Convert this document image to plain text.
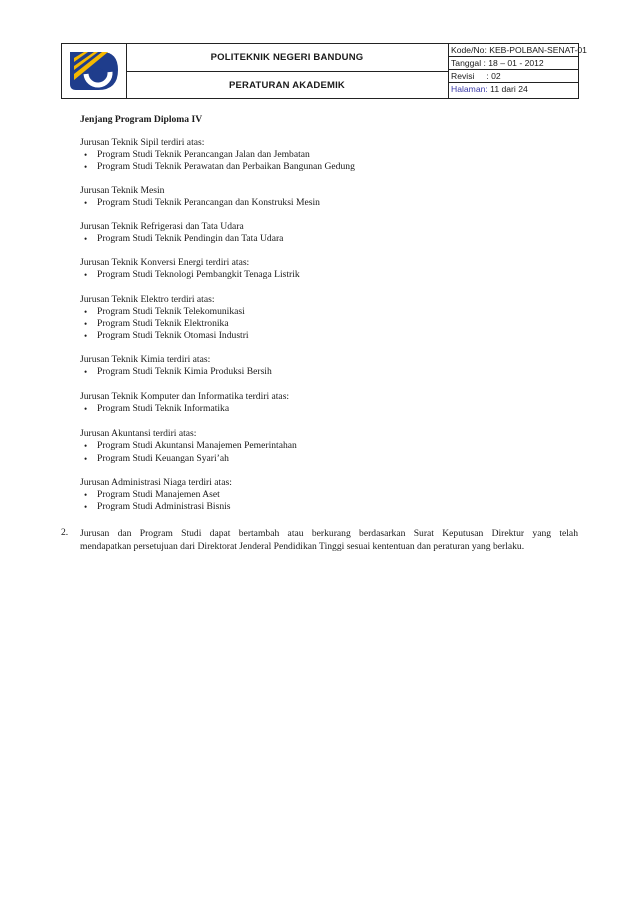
POLITEKNIK NEGERI BANDUNG
PERATURAN AKADEMIK
Kode/No: KEB-POLBAN-SENAT-01
Tanggal : 18 – 01 - 2012
Revisi     : 02
Halaman: 11 dari 24
Jenjang Program Diploma IV
Jurusan Teknik Sipil terdiri atas:
• Program Studi Teknik Perancangan Jalan dan Jembatan
• Program Studi Teknik Perawatan dan Perbaikan Bangunan Gedung
Jurusan Teknik Mesin
• Program Studi Teknik Perancangan dan Konstruksi Mesin
Jurusan Teknik Refrigerasi dan Tata Udara
• Program Studi Teknik Pendingin dan Tata Udara
Jurusan Teknik Konversi Energi terdiri atas:
• Program Studi Teknologi Pembangkit Tenaga Listrik
Jurusan Teknik Elektro terdiri atas:
• Program Studi Teknik Telekomunikasi
• Program Studi Teknik Elektronika
• Program Studi Teknik Otomasi Industri
Jurusan Teknik Kimia terdiri atas:
• Program Studi Teknik Kimia Produksi Bersih
Jurusan Teknik Komputer dan Informatika terdiri atas:
• Program Studi Teknik Informatika
Jurusan Akuntansi terdiri atas:
• Program Studi Akuntansi Manajemen Pemerintahan
• Program Studi Keuangan Syari’ah
Jurusan Administrasi Niaga terdiri atas:
• Program Studi Manajemen Aset
• Program Studi Administrasi Bisnis
2. Jurusan dan Program Studi dapat bertambah atau berkurang berdasarkan Surat Keputusan Direktur yang telah
mendapatkan persetujuan dari Direktorat Jenderal Pendidikan Tinggi sesuai kententuan dan peraturan yang berlaku.
